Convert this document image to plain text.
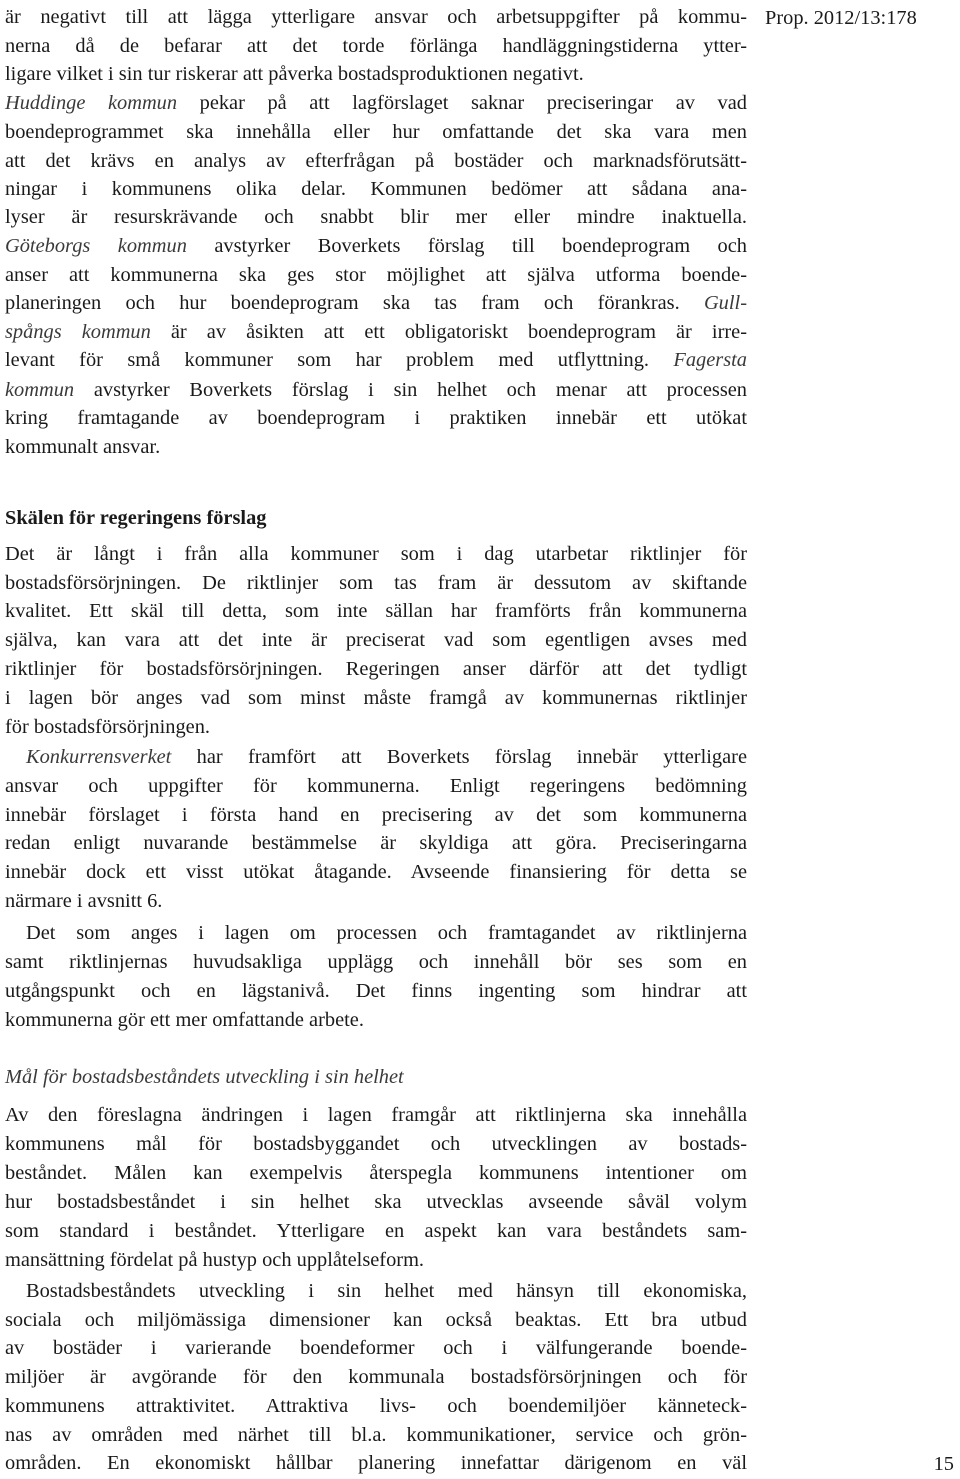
Prop. 2012/13:178
är negativt till att lägga ytterligare ansvar och arbetsuppgifter på kommu-
nerna då de befarar att det torde förlänga handläggningstiderna ytter-
ligare vilket i sin tur riskerar att påverka bostadsproduktionen negativt.
Huddinge kommun pekar på att lagförslaget saknar preciseringar av vad
boendeprogrammet ska innehålla eller hur omfattande det ska vara men
att det krävs en analys av efterfrågan på bostäder och marknadsförutsätt-
ningar i kommunens olika delar. Kommunen bedömer att sådana ana-
lyser är resurskrävande och snabbt blir mer eller mindre inaktuella.
Göteborgs kommun avstyrker Boverkets förslag till boendeprogram och
anser att kommunerna ska ges stor möjlighet att själva utforma boende-
planeringen och hur boendeprogram ska tas fram och förankras. Gull-
spångs kommun är av åsikten att ett obligatoriskt boendeprogram är irre-
levant för små kommuner som har problem med utflyttning. Fagersta
kommun avstyrker Boverkets förslag i sin helhet och menar att processen
kring framtagande av boendeprogram i praktiken innebär ett utökat
kommunalt ansvar.
Skälen för regeringens förslag
Det är långt i från alla kommuner som i dag utarbetar riktlinjer för
bostadsförsörjningen. De riktlinjer som tas fram är dessutom av skiftande
kvalitet. Ett skäl till detta, som inte sällan har framförts från kommunerna
själva, kan vara att det inte är preciserat vad som egentligen avses med
riktlinjer för bostadsförsörjningen. Regeringen anser därför att det tydligt
i lagen bör anges vad som minst måste framgå av kommunernas riktlinjer
för bostadsförsörjningen.
Konkurrensverket har framfört att Boverkets förslag innebär ytterligare
ansvar och uppgifter för kommunerna. Enligt regeringens bedömning
innebär förslaget i första hand en precisering av det som kommunerna
redan enligt nuvarande bestämmelse är skyldiga att göra. Preciseringarna
innebär dock ett visst utökat åtagande. Avseende finansiering för detta se
närmare i avsnitt 6.
Det som anges i lagen om processen och framtagandet av riktlinjerna
samt riktlinjernas huvudsakliga upplägg och innehåll bör ses som en
utgångspunkt och en lägstanivå. Det finns ingenting som hindrar att
kommunerna gör ett mer omfattande arbete.
Mål för bostadsbeståndets utveckling i sin helhet
Av den föreslagna ändringen i lagen framgår att riktlinjerna ska innehålla
kommunens mål för bostadsbyggandet och utvecklingen av bostads-
beståndet. Målen kan exempelvis återspegla kommunens intentioner om
hur bostadsbeståndet i sin helhet ska utvecklas avseende såväl volym
som standard i beståndet. Ytterligare en aspekt kan vara beståndets sam-
mansättning fördelat på hustyp och upplåtelseform.
Bostadsbeståndets utveckling i sin helhet med hänsyn till ekonomiska,
sociala och miljömässiga dimensioner kan också beaktas. Ett bra utbud
av bostäder i varierande boendeformer och i välfungerande boende-
miljöer är avgörande för den kommunala bostadsförsörjningen och för
kommunens attraktivitet. Attraktiva livs- och boendemiljöer känneteck-
nas av områden med närhet till bl.a. kommunikationer, service och grön-
områden. En ekonomiskt hållbar planering innefattar därigenom en väl	15
